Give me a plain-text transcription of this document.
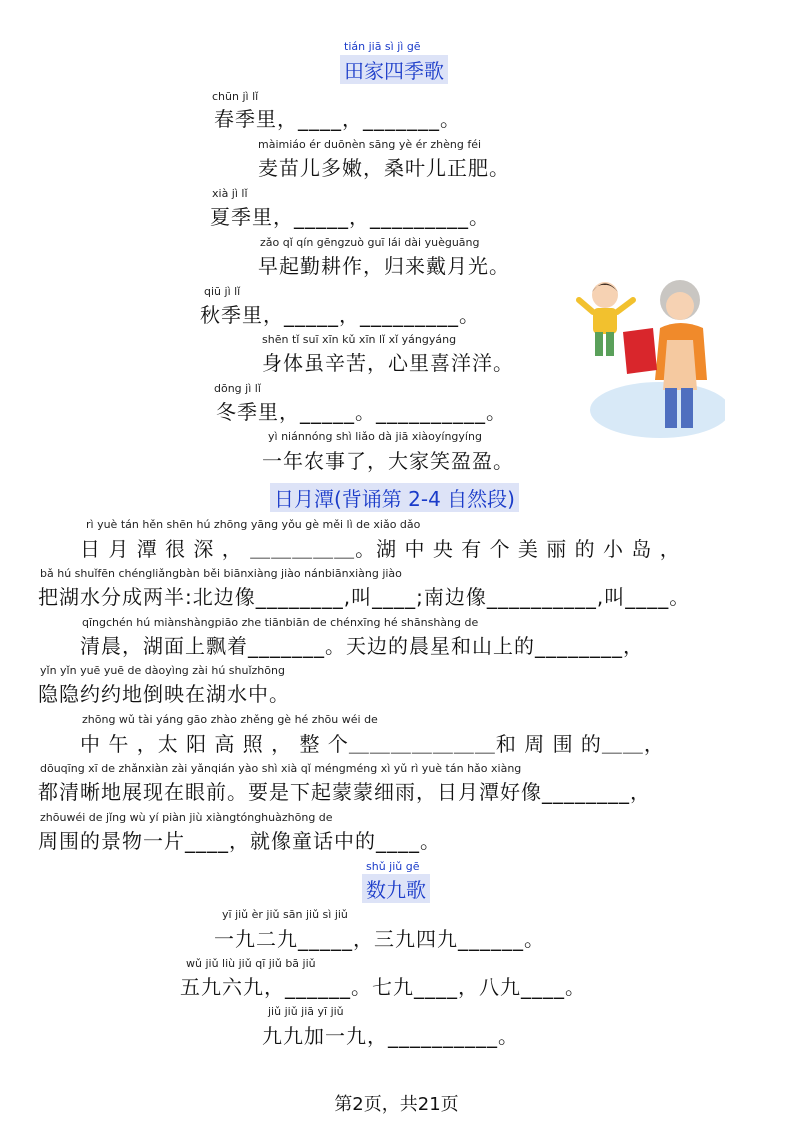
tián jiā sì jì gē
田家四季歌
chūn jì lǐ
春季里，____，_______。
màimiáo ér duōnèn sāng yè ér zhèng féi
麦苗儿多嫩，桑叶儿正肥。
xià jì lǐ
夏季里，_____，_________。
zǎo qǐ qín gēngzuò guī lái dài yuèguāng
早起勤耕作，归来戴月光。
qiū jì lǐ
秋季里，_____，_________。
shēn tǐ suī xīn kǔ xīn lǐ xǐ yángyáng
身体虽辛苦，心里喜洋洋。
dōng jì lǐ
冬季里，_____。__________。
yì niánnóng shì liǎo dà jiā xiàoyíngyíng
一年农事了，大家笑盈盈。
日月潭(背诵第 2-4 自然段)
rì yuè tán hěn shēn hú zhōng yāng yǒu gè měi lì de xiǎo dǎo
日 月 潭 很 深 ， ＿＿＿＿＿。湖 中 央 有 个 美 丽 的 小 岛 ，
bǎ hú shuǐfēn chéngliǎngbàn běi biānxiàng jiào nánbiānxiàng jiào
把湖水分成两半:北边像________,叫____;南边像__________,叫____。
qīngchén hú miànshàngpiāo zhe tiānbiān de chénxīng hé shānshàng de
清晨，湖面上飘着_______。天边的晨星和山上的________，
yǐn yǐn yuē yuē de dàoyìng zài hú shuǐzhōng
隐隐约约地倒映在湖水中。
zhōng wǔ tài yáng gāo zhào zhěng gè hé zhōu wéi de
中 午 ，太 阳 高 照 ， 整 个＿＿＿＿＿＿＿和 周 围 的＿＿，
dōuqīng xī de zhǎnxiàn zài yǎnqián yào shì xià qǐ méngméng xì yǔ rì yuè tán hǎo xiàng
都清晰地展现在眼前。要是下起蒙蒙细雨，日月潭好像________，
zhōuwéi de jǐng wù yí piàn jiù xiàngtónghuàzhōng de
周围的景物一片____，就像童话中的____。
shǔ jiǔ gē
数九歌
yī jiǔ èr jiǔ sān jiǔ sì jiǔ
一九二九_____，三九四九______。
wǔ jiǔ liù jiǔ qī jiǔ bā jiǔ
五九六九，______。七九____，八九____。
jiǔ jiǔ jiā yī jiǔ
九九加一九，__________。
第2页，共21页
